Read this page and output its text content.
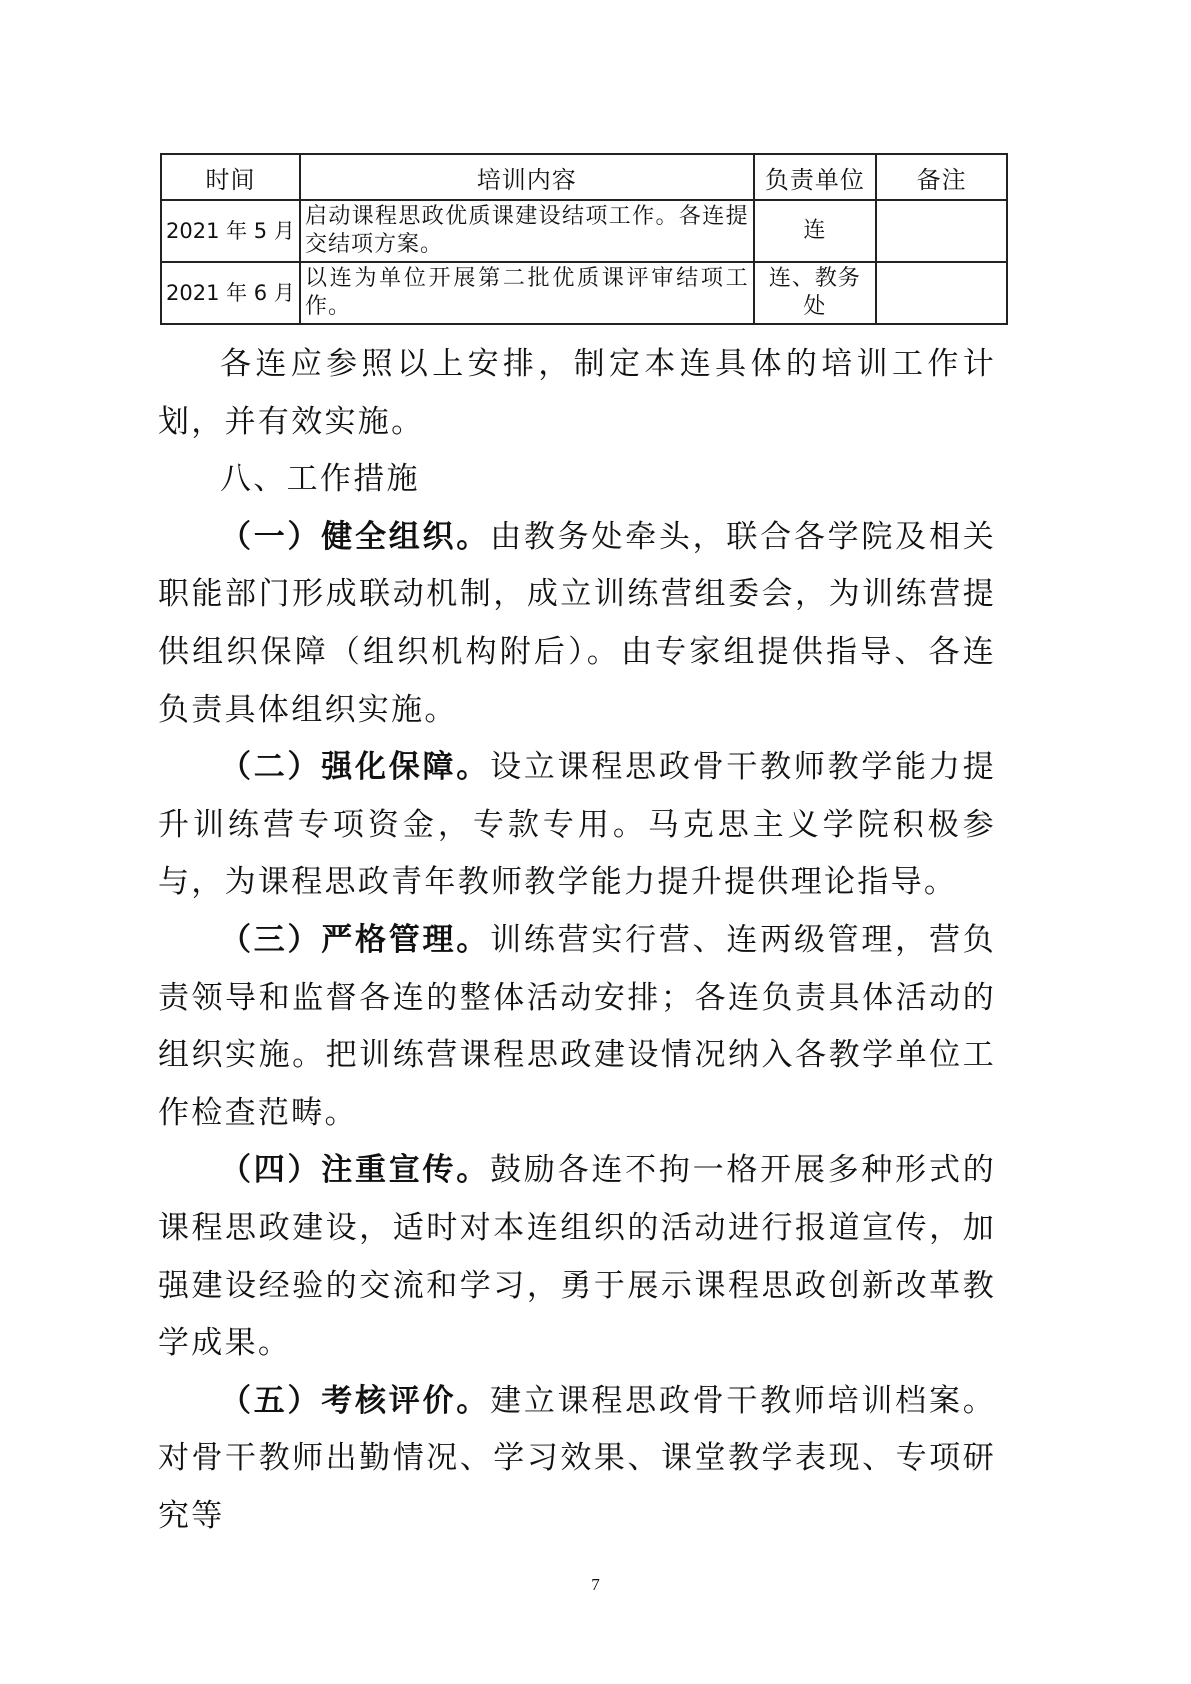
时间	培训内容	负责单位	备注
2021 年 5 月	启动课程思政优质课建设结项工作。各连提交结项方案。	连	
2021 年 6 月	以连为单位开展第二批优质课评审结项工作。	连、教务处	

各连应参照以上安排，制定本连具体的培训工作计划，并有效实施。

八、工作措施

（一）健全组织。由教务处牵头，联合各学院及相关职能部门形成联动机制，成立训练营组委会，为训练营提供组织保障（组织机构附后）。由专家组提供指导、各连负责具体组织实施。

（二）强化保障。设立课程思政骨干教师教学能力提升训练营专项资金，专款专用。马克思主义学院积极参与，为课程思政青年教师教学能力提升提供理论指导。

（三）严格管理。训练营实行营、连两级管理，营负责领导和监督各连的整体活动安排；各连负责具体活动的组织实施。把训练营课程思政建设情况纳入各教学单位工作检查范畴。

（四）注重宣传。鼓励各连不拘一格开展多种形式的课程思政建设，适时对本连组织的活动进行报道宣传，加强建设经验的交流和学习，勇于展示课程思政创新改革教学成果。

（五）考核评价。建立课程思政骨干教师培训档案。对骨干教师出勤情况、学习效果、课堂教学表现、专项研究等

7
